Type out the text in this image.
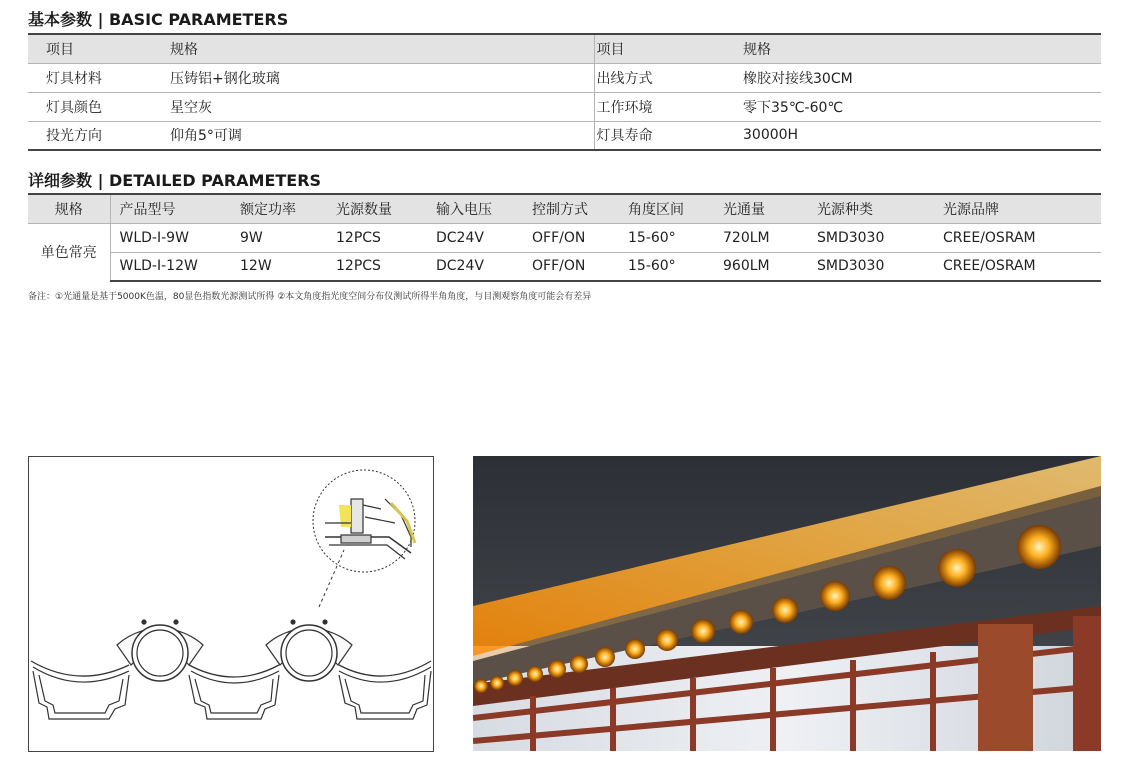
基本参数 | BASIC PARAMETERS
项目	规格	项目	规格
灯具材料	压铸铝+钢化玻璃	出线方式	橡胶对接线30CM
灯具颜色	星空灰	工作环境	零下35℃-60℃
投光方向	仰角5°可调	灯具寿命	30000H
详细参数 | DETAILED PARAMETERS
规格	产品型号	额定功率	光源数量	输入电压	控制方式	角度区间	光通量	光源种类	光源品牌
单色常亮	WLD-I-9W	9W	12PCS	DC24V	OFF/ON	15-60°	720LM	SMD3030	CREE/OSRAM
	WLD-I-12W	12W	12PCS	DC24V	OFF/ON	15-60°	960LM	SMD3030	CREE/OSRAM
备注：①光通量是基于5000K色温，80显色指数光源测试所得 ②本文角度指光度空间分布仪测试所得半角角度，与目测观察角度可能会有差异
